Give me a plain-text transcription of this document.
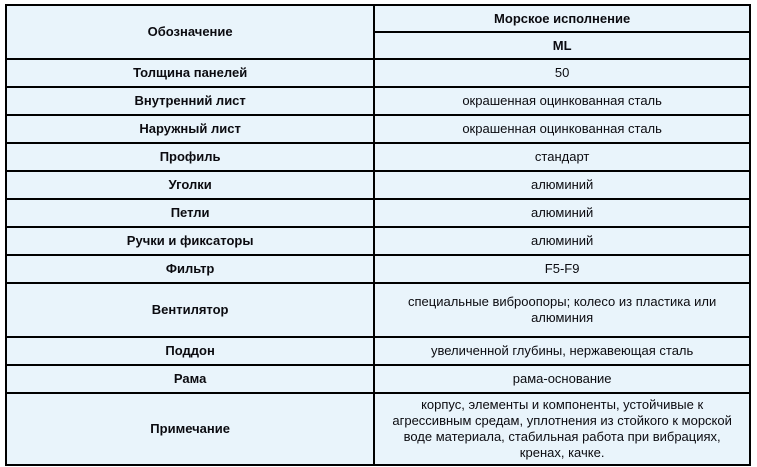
Обозначение	Морское исполнение
	ML
Толщина панелей	50
Внутренний лист	окрашенная оцинкованная сталь
Наружный лист	окрашенная оцинкованная сталь
Профиль	стандарт
Уголки	алюминий
Петли	алюминий
Ручки и фиксаторы	алюминий
Фильтр	F5-F9
Вентилятор	специальные виброопоры; колесо из пластика или алюминия
Поддон	увеличенной глубины, нержавеющая сталь
Рама	рама-основание
Примечание	корпус, элементы и компоненты, устойчивые к агрессивным средам, уплотнения из стойкого к морской воде материала, стабильная работа при вибрациях, кренах, качке.
